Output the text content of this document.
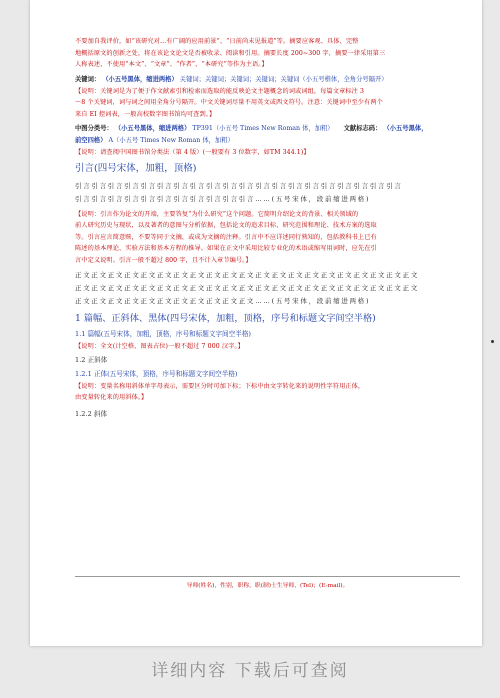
不要加自我评价，如“该研究对…有广阔的应用前景”、“日前尚未见报道”等。摘要应客观、具体、完整
地概括原文的创新之处，将在该论文论文是否被收录、阅读和引用。摘要长度 200~300 字，摘要一律采用第三
人称表述，不使用“本文”、“文章”、“作者”、“本研究”等作为主语。】
关键词： （小五号黑体，缩进两格） 关键词；关键词；关键词；关键词；关键词（小五号楷体，全角分号隔开）
【说明：关键词是为了便于作文献索引和检索而选取的能反映论文主题概念的词或词组，每篇文章标注 3
～8 个关键词，词与词之间用全角分号隔开。中文关键词尽量不用英文或西文符号。注意：关键词中至少有两个
来自 EI 控词表，一般高校数字图书馆均可查到。】
中图分类号： （小五号黑体，缩进两格） TP391（小五号 Times New Roman 体，加粗） 文献标志码： （小五号黑体，
前空四格） A（小五号 Times New Roman 体，加粗）
【说明：请查阅中国图书馆分类法（第 4 版）(一般要有 3 位数字，如TM 344.1)】
引言(四号宋体，加粗，顶格)
引言引言引言引言引言引言引言引言引言引言引言引言引言引言引言引言引言引言引言引言
引言引言引言引言引言引言引言引言引言引言引言……(五号宋体，段前缩进两格)
【说明：引言作为论文的开端，主要答复“为什么研究”这个问题。它简明介绍论文的背景、相关领域的
前人研究历史与现状，以及著者的意图与分析依据，包括论文的追求目标、研究范围和理论、技术方案的选取
等。引言应言简意赅，不要等同于文摘，或成为文摘的注释。引言中不应详述同行熟知的，包括教科书上已有
陈述的基本理论、实验方法和基本方程的推导。如果在正文中采用比较专业化的术语或缩写用词时，应先在引
言中定义说明。引言一般不超过 800 字，且不计入章节编号。】
正文正文正文正文正文正文正文正文正文正文正文正文正文正文正文正文正文正文正文正文正文
正文正文正文正文正文正文正文正文正文正文正文正文正文正文正文正文正文正文正文正文正文
正文正文正文正文正文正文正文正文正文正文正文……(五号宋体，段前缩进两格)
1 篇幅、正斜体、黑体(四号宋体，加粗，顶格，序号和标题文字间空半格)
1.1 篇幅(五号宋体，加粗，顶格，序号和标题文字间空半格)
【说明：全文(计空格、图表占位)一般不超过 7 000 汉字。】
1.2 正斜体
1.2.1 正体(五号宋体，顶格，序号和标题文字间空半格)
【说明：变量名称用斜体单字母表示，需要区分时可加下标；下标中由文字转化来的说明性字符用正体，
由变量转化来的用斜体。】
1.2.2 斜体
导师(姓名)，性别，职称，职(制)士生导师，(Tel)；(E-mail)。
详细内容 下载后可查阅
